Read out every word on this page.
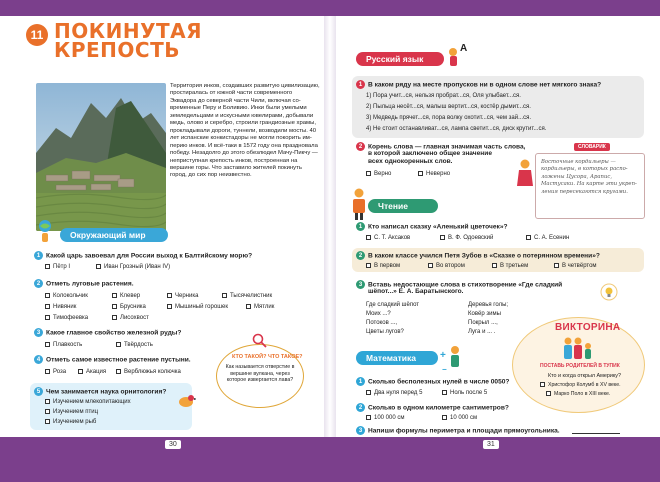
30	31
11 ПОКИНУТАЯ
КРЕПОСТЬ
Территория инков, создавших развитую цивилизацию, простиралась от южной части современного Эквадора до северной части Чили, включая современные Перу и Боливию. Инки были умелыми земледельцами и искусными ювелирами, добывали медь, олово и серебро, строили грандиозные храмы, прокладывали дороги, туннели, возводили мосты. 40 лет испанские конкистадоры не могли покорить империю инков. И всё-таки в 1572 году она праздновала победу. Незадолго до этого обезлюдел Мачу-Пикчу — неприступная крепость инков, построенная на вершине горы. Что заставило жителей покинуть город, до сих пор неизвестно.
Окружающий мир
1 Какой царь завоевал для России выход к Балтийскому морю?
Пётр I	Иван Грозный (Иван IV)
2 Отметь луговые растения.
Колокольчик	Клевер	Черника	Тысячелистник
Нивяник	Брусника	Мышиный горошек	Мятлик
Тимофеевка	Лисохвост
3 Какое главное свойство железной руды?
Плавкость	Твёрдость
4 Отметь самое известное растение пустыни.
Роза	Акация	Верблюжья колючка
5 Чем занимается наука орнитология?
Изучением млекопитающих
Изучением птиц
Изучением рыб
КТО ТАКОЙ? ЧТО ТАКОЕ?
Как называется отверстие в вершине вулкана, через которое извергается лава?
Русский язык
A
1 В каком ряду на месте пропусков ни в одном слове нет мягкого знака?
1) Пора учит...ся, нельзя пробрат...ся, Оля улыбает...ся.
2) Пыльца несёт...ся, малыш вертит...ся, костёр дымит...ся.
3) Медведь прячет...ся, пора волку охотит...ся, чем зай...ся.
4) Не стоит останавливат...ся, лампа светит...ся, диск крутит...ся.
2 Корень слова — главная значимая часть слова,
в которой заключено общее значение
всех однокоренных слов.
Верно	Неверно
СЛОВАРИК
Восточные кордильеры — кордильеры, в которых расположены Цусора, Арапис, Мастусаки. На карте эти укрепления пересекаются кругами.
Чтение
1 Кто написал сказку «Аленький цветочек»?
С. Т. Аксаков	В. Ф. Одоевский	С. А. Есенин
2 В каком классе учился Петя Зубов в «Сказке о потерянном времени»?
В первом	Во втором	В третьем	В четвёртом
3 Вставь недостающие слова в стихотворение «Где сладкий
шёпот...» Е. А. Баратынского.
Где сладкий шёпот
Моих ...?
Потоков ...,
Цветы лугов?
Деревья голы;
Ковёр зимы
Покрыл ...,
Луга и ... .
Математика +
−
1 Сколько бесполезных нулей в числе 0050?
Два нуля перед 5	Ноль после 5
2 Сколько в одном километре сантиметров?
100 000 см	10 000 см
3 Напиши формулы периметра и площади прямоугольника.
ВИКТОРИНА
ПОСТАВЬ РОДИТЕЛЕЙ В ТУПИК
Кто и когда открыл Америку?
Христофор Колумб в XV веке.
Марко Поло в XIII веке.
